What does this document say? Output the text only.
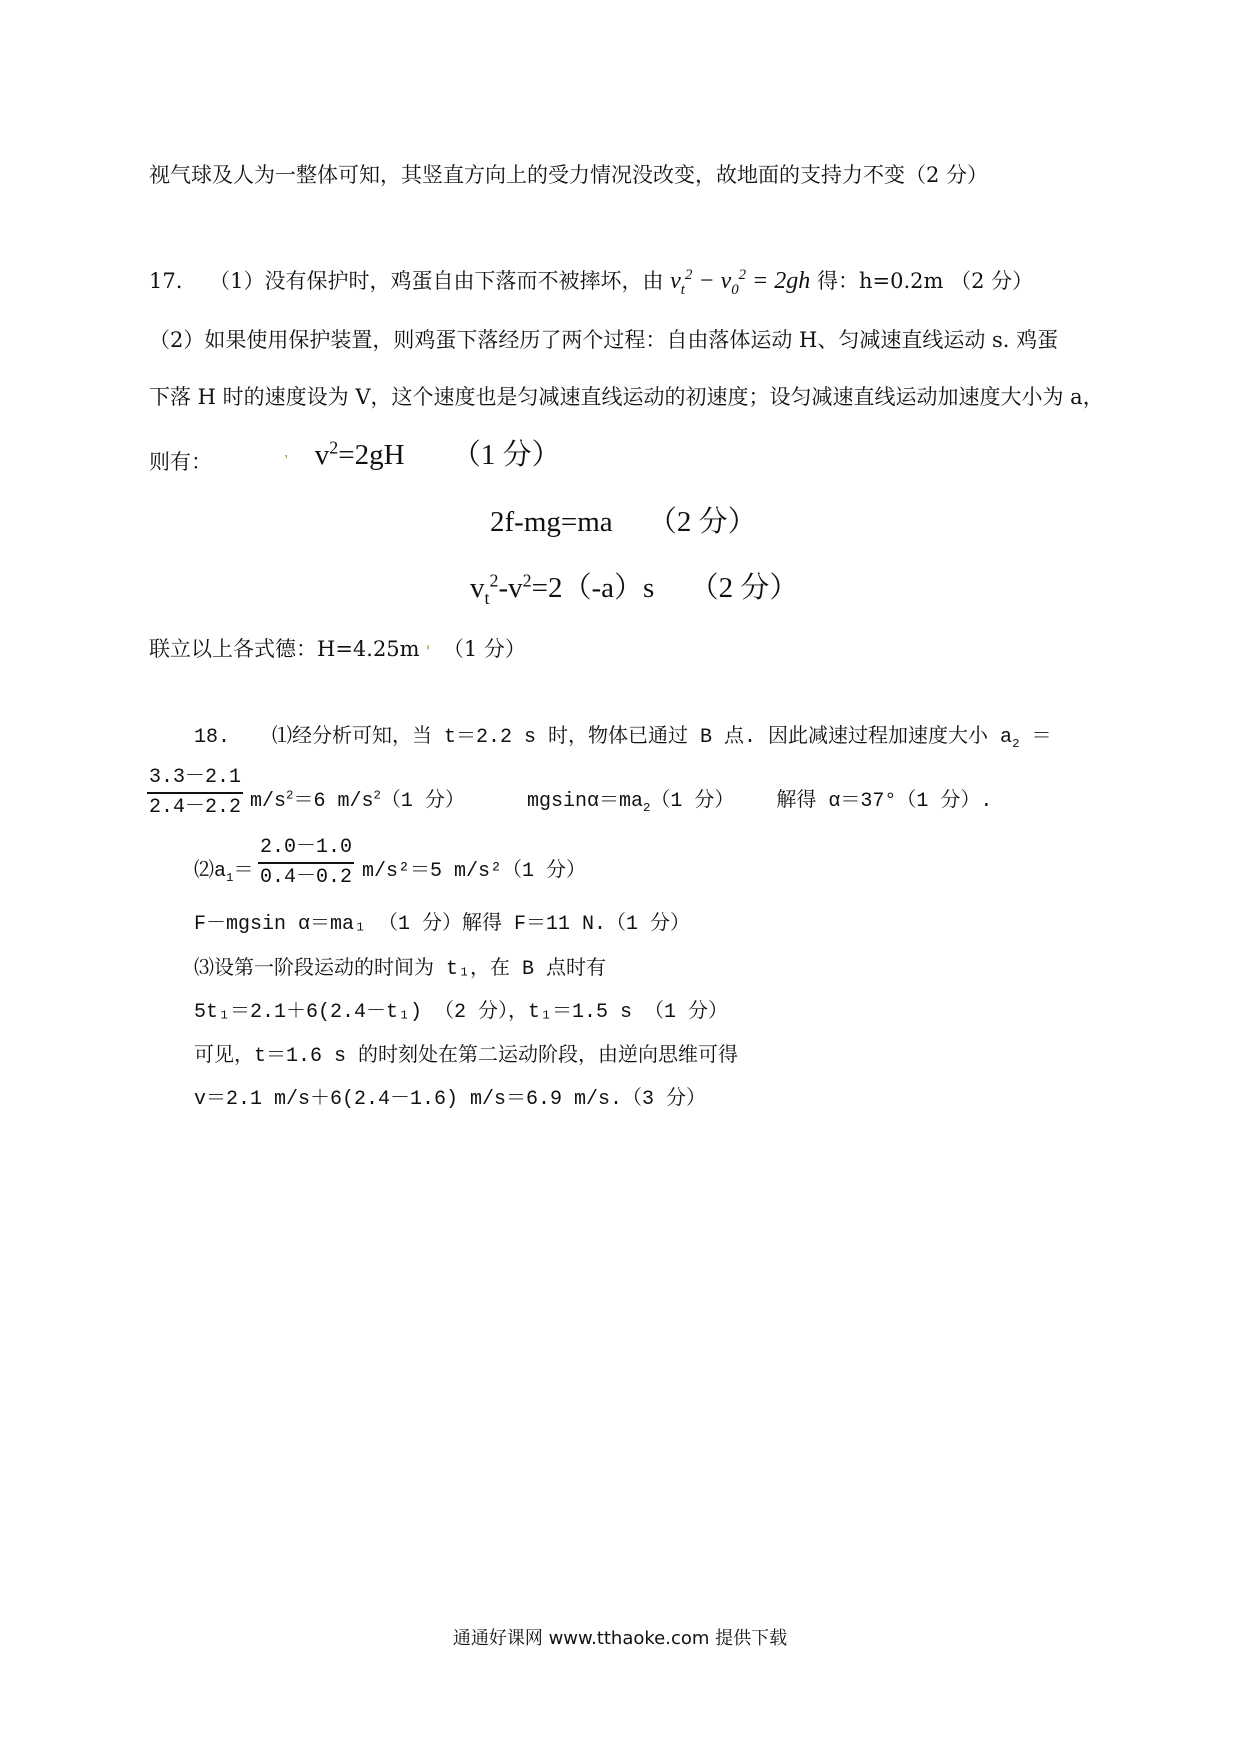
视气球及人为一整体可知，其竖直方向上的受力情况没改变，故地面的支持力不变（2 分）
17. （1）没有保护时，鸡蛋自由下落而不被摔坏，由 $v_t^2 - v_0^2 = 2gh$ 得：h=0.2m （2 分）
（2）如果使用保护装置，则鸡蛋下落经历了两个过程：自由落体运动 H、匀减速直线运动 s. 鸡蛋
下落 H 时的速度设为 V，这个速度也是匀减速直线运动的初速度；设匀减速直线运动加速度大小为 a，
则有：	' $v^2=2gH$ （1 分）
2f-mg=ma （2 分）
$v_t^2-v^2=2(-a)s$ （2 分）
联立以上各式德：H=4.25m ' （1 分）
18. ⑴经分析可知，当 t＝2.2 s 时，物体已通过 B 点. 因此减速过程加速度大小 $a_2$ ＝
$\frac{3.3-2.1}{2.4-2.2} m/s^2=6$ $m/s^2(1$ 分）	$mgsin\alpha=ma_2(1$ 分） 解得 α＝37°（1 分）.
$⑵a_1= \frac{2.0-1.0}{0.4-0.2} m/s^2=5$ m/s²（1 分）
F－mgsin α＝ma₁ （1 分）解得 F＝11 N.（1 分）
⑶设第一阶段运动的时间为 t₁，在 B 点时有
5t₁＝2.1＋6(2.4－t₁) （2 分），t₁＝1.5 s （1 分）
可见，t＝1.6 s 的时刻处在第二运动阶段，由逆向思维可得
v＝2.1 m/s＋6(2.4－1.6) m/s＝6.9 m/s.（3 分）
通通好课网 www.tthaoke.com 提供下载
